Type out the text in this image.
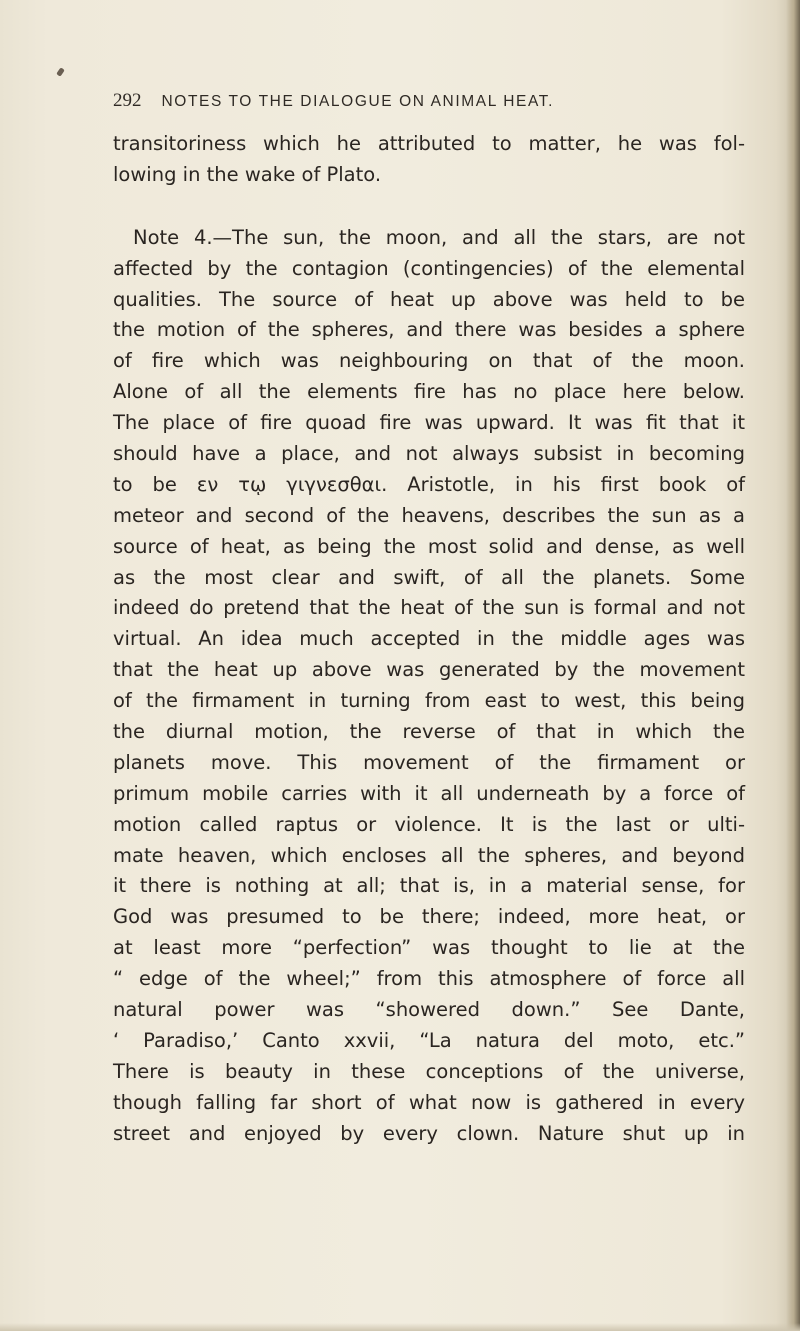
292 NOTES TO THE DIALOGUE ON ANIMAL HEAT.
transitoriness which he attributed to matter, he was fol-
lowing in the wake of Plato.
Note 4.—The sun, the moon, and all the stars, are not
affected by the contagion (contingencies) of the elemental
qualities. The source of heat up above was held to be
the motion of the spheres, and there was besides a sphere
of fire which was neighbouring on that of the moon.
Alone of all the elements fire has no place here below.
The place of fire quoad fire was upward. It was fit that it
should have a place, and not always subsist in becoming
to be εν τῳ γιγνεσθαι. Aristotle, in his first book of
meteor and second of the heavens, describes the sun as a
source of heat, as being the most solid and dense, as well
as the most clear and swift, of all the planets. Some
indeed do pretend that the heat of the sun is formal and not
virtual. An idea much accepted in the middle ages was
that the heat up above was generated by the movement
of the firmament in turning from east to west, this being
the diurnal motion, the reverse of that in which the
planets move. This movement of the firmament or
primum mobile carries with it all underneath by a force of
motion called raptus or violence. It is the last or ulti-
mate heaven, which encloses all the spheres, and beyond
it there is nothing at all; that is, in a material sense, for
God was presumed to be there; indeed, more heat, or
at least more “perfection” was thought to lie at the
“ edge of the wheel;” from this atmosphere of force all
natural power was “showered down.” See Dante,
‘ Paradiso,’ Canto xxvii, “La natura del moto, etc.”
There is beauty in these conceptions of the universe,
though falling far short of what now is gathered in every
street and enjoyed by every clown. Nature shut up in
